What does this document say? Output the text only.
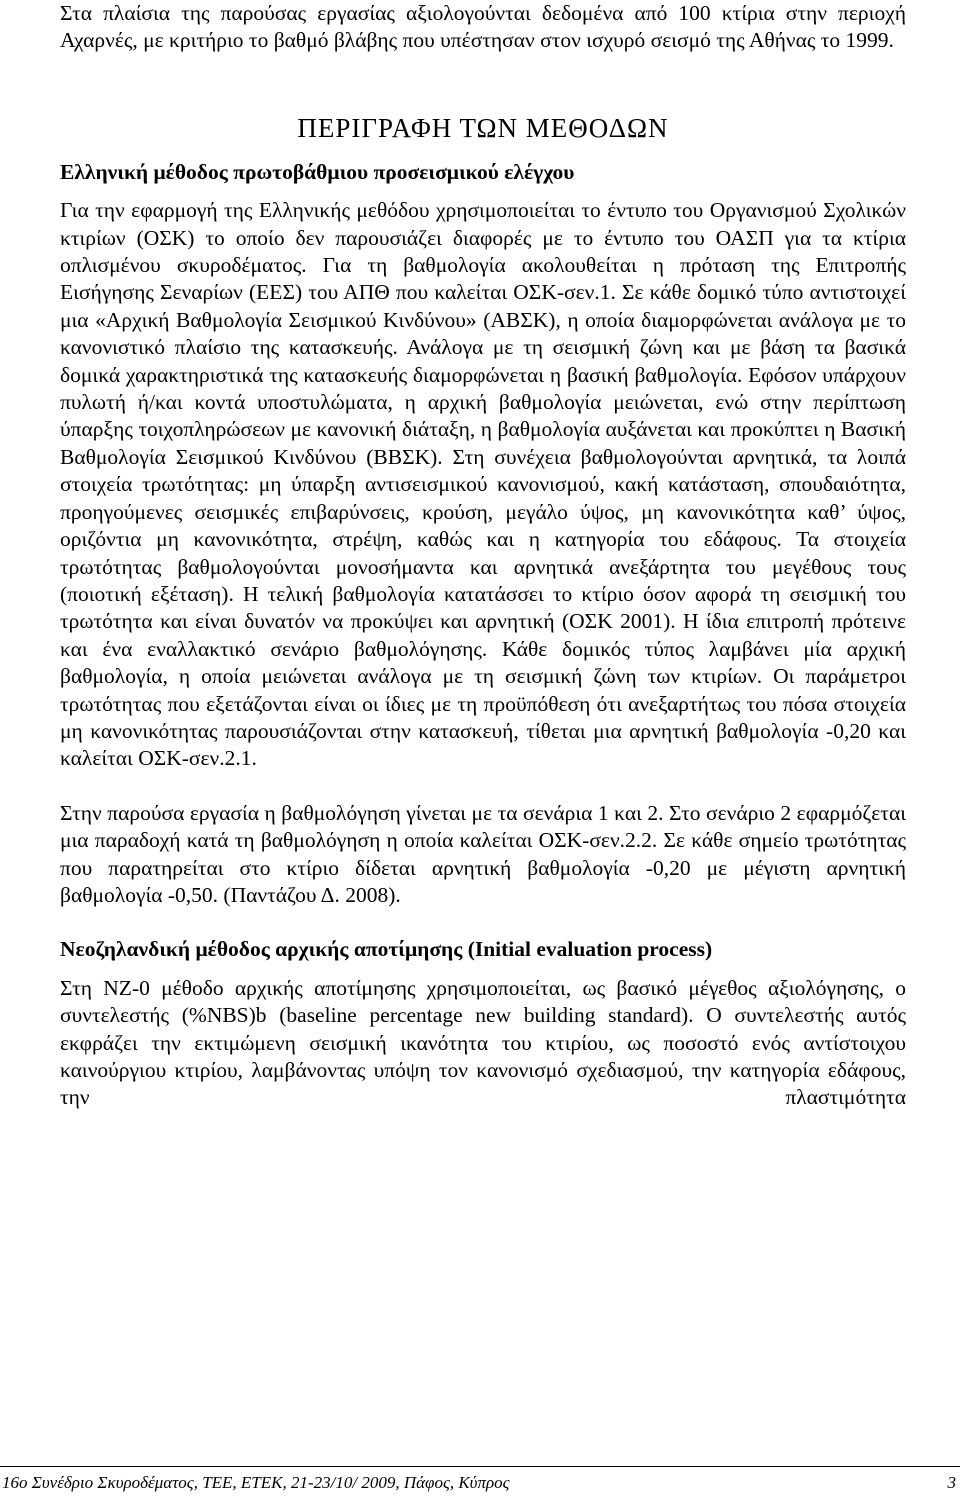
Στα πλαίσια της παρούσας εργασίας αξιολογούνται δεδομένα από 100 κτίρια στην περιοχή Αχαρνές, με κριτήριο το βαθμό βλάβης που υπέστησαν στον ισχυρό σεισμό της Αθήνας το 1999.

ΠΕΡΙΓΡΑΦΗ ΤΩΝ ΜΕΘΟΔΩΝ

Ελληνική μέθοδος πρωτοβάθμιου προσεισμικού ελέγχου

Για την εφαρμογή της Ελληνικής μεθόδου χρησιμοποιείται το έντυπο του Οργανισμού Σχολικών κτιρίων (ΟΣΚ) το οποίο δεν παρουσιάζει διαφορές με το έντυπο του ΟΑΣΠ για τα κτίρια οπλισμένου σκυροδέματος. Για τη βαθμολογία ακολουθείται η πρόταση της Επιτροπής Εισήγησης Σεναρίων (ΕΕΣ) του ΑΠΘ που καλείται ΟΣΚ-σεν.1. Σε κάθε δομικό τύπο αντιστοιχεί μια «Αρχική Βαθμολογία Σεισμικού Κινδύνου» (ΑΒΣΚ), η οποία διαμορφώνεται ανάλογα με το κανονιστικό πλαίσιο της κατασκευής. Ανάλογα με τη σεισμική ζώνη και με βάση τα βασικά δομικά χαρακτηριστικά της κατασκευής διαμορφώνεται η βασική βαθμολογία. Εφόσον υπάρχουν πυλωτή ή/και κοντά υποστυλώματα, η αρχική βαθμολογία μειώνεται, ενώ στην περίπτωση ύπαρξης τοιχοπληρώσεων με κανονική διάταξη, η βαθμολογία αυξάνεται και προκύπτει η Βασική Βαθμολογία Σεισμικού Κινδύνου (ΒΒΣΚ). Στη συνέχεια βαθμολογούνται αρνητικά, τα λοιπά στοιχεία τρωτότητας: μη ύπαρξη αντισεισμικού κανονισμού, κακή κατάσταση, σπουδαιότητα, προηγούμενες σεισμικές επιβαρύνσεις, κρούση, μεγάλο ύψος, μη κανονικότητα καθ’ ύψος, οριζόντια μη κανονικότητα, στρέψη, καθώς και η κατηγορία του εδάφους. Τα στοιχεία τρωτότητας βαθμολογούνται μονοσήμαντα και αρνητικά ανεξάρτητα του μεγέθους τους (ποιοτική εξέταση). Η τελική βαθμολογία κατατάσσει το κτίριο όσον αφορά τη σεισμική του τρωτότητα και είναι δυνατόν να προκύψει και αρνητική (ΟΣΚ 2001). Η ίδια επιτροπή πρότεινε και ένα εναλλακτικό σενάριο βαθμολόγησης. Κάθε δομικός τύπος λαμβάνει μία αρχική βαθμολογία, η οποία μειώνεται ανάλογα με τη σεισμική ζώνη των κτιρίων. Οι παράμετροι τρωτότητας που εξετάζονται είναι οι ίδιες με τη προϋπόθεση ότι ανεξαρτήτως του πόσα στοιχεία μη κανονικότητας παρουσιάζονται στην κατασκευή, τίθεται μια αρνητική βαθμολογία -0,20 και καλείται ΟΣΚ-σεν.2.1.

Στην παρούσα εργασία η βαθμολόγηση γίνεται με τα σενάρια 1 και 2. Στο σενάριο 2 εφαρμόζεται μια παραδοχή κατά τη βαθμολόγηση η οποία καλείται ΟΣΚ-σεν.2.2. Σε κάθε σημείο τρωτότητας που παρατηρείται στο κτίριο δίδεται αρνητική βαθμολογία -0,20 με μέγιστη αρνητική βαθμολογία -0,50. (Παντάζου Δ. 2008).

Νεοζηλανδική μέθοδος αρχικής αποτίμησης (Initial evaluation process)

Στη NZ-0 μέθοδο αρχικής αποτίμησης χρησιμοποιείται, ως βασικό μέγεθος αξιολόγησης, ο συντελεστής (%NBS)b (baseline percentage new building standard). Ο συντελεστής αυτός εκφράζει την εκτιμώμενη σεισμική ικανότητα του κτιρίου, ως ποσοστό ενός αντίστοιχου καινούργιου κτιρίου, λαμβάνοντας υπόψη τον κανονισμό σχεδιασμού, την κατηγορία εδάφους, την πλαστιμότητα

16ο Συνέδριο Σκυροδέματος, ΤΕΕ, ΕΤΕΚ, 21-23/10/ 2009, Πάφος, Κύπρος	3
